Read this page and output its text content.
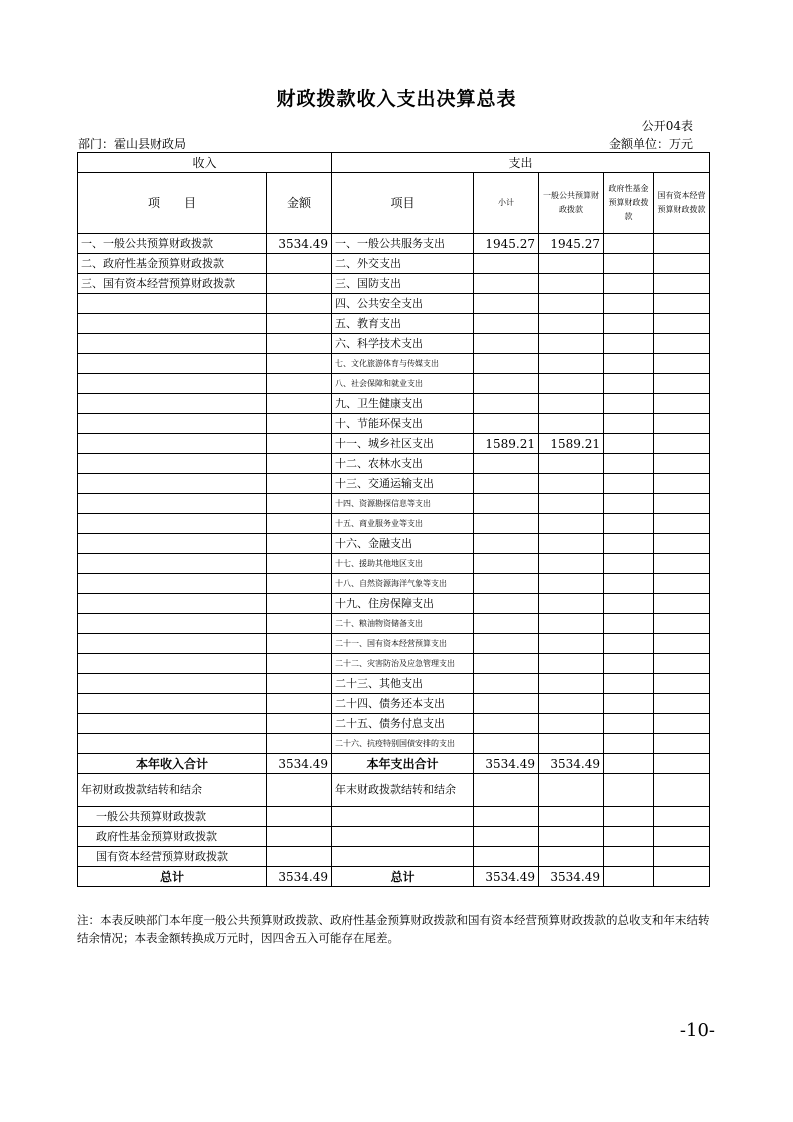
财政拨款收入支出决算总表
公开04表
部门：霍山县财政局	金额单位：万元
收入		支出				
项　　目	金额	项目	小计	一般公共预算财政拨款	政府性基金预算财政拨款	国有资本经营预算财政拨款
一、一般公共预算财政拨款	3534.49	一、一般公共服务支出	1945.27	1945.27		
二、政府性基金预算财政拨款		二、外交支出				
三、国有资本经营预算财政拨款		三、国防支出				
		四、公共安全支出				
		五、教育支出				
		六、科学技术支出				
		七、文化旅游体育与传媒支出				
		八、社会保障和就业支出				
		九、卫生健康支出				
		十、节能环保支出				
		十一、城乡社区支出	1589.21	1589.21		
		十二、农林水支出				
		十三、交通运输支出				
		十四、资源勘探信息等支出				
		十五、商业服务业等支出				
		十六、金融支出				
		十七、援助其他地区支出				
		十八、自然资源海洋气象等支出				
		十九、住房保障支出				
		二十、粮油物资储备支出				
		二十一、国有资本经营预算支出				
		二十二、灾害防治及应急管理支出				
		二十三、其他支出				
		二十四、债务还本支出				
		二十五、债务付息支出				
		二十六、抗疫特别国债安排的支出				
本年收入合计	3534.49	本年支出合计	3534.49	3534.49		
年初财政拨款结转和结余		年末财政拨款结转和结余				
一般公共预算财政拨款						
政府性基金预算财政拨款						
国有资本经营预算财政拨款						
总计	3534.49	总计	3534.49	3534.49		
注：本表反映部门本年度一般公共预算财政拨款、政府性基金预算财政拨款和国有资本经营预算财政拨款的总收支和年末结转结余情况；本表金额转换成万元时，因四舍五入可能存在尾差。
-10-
